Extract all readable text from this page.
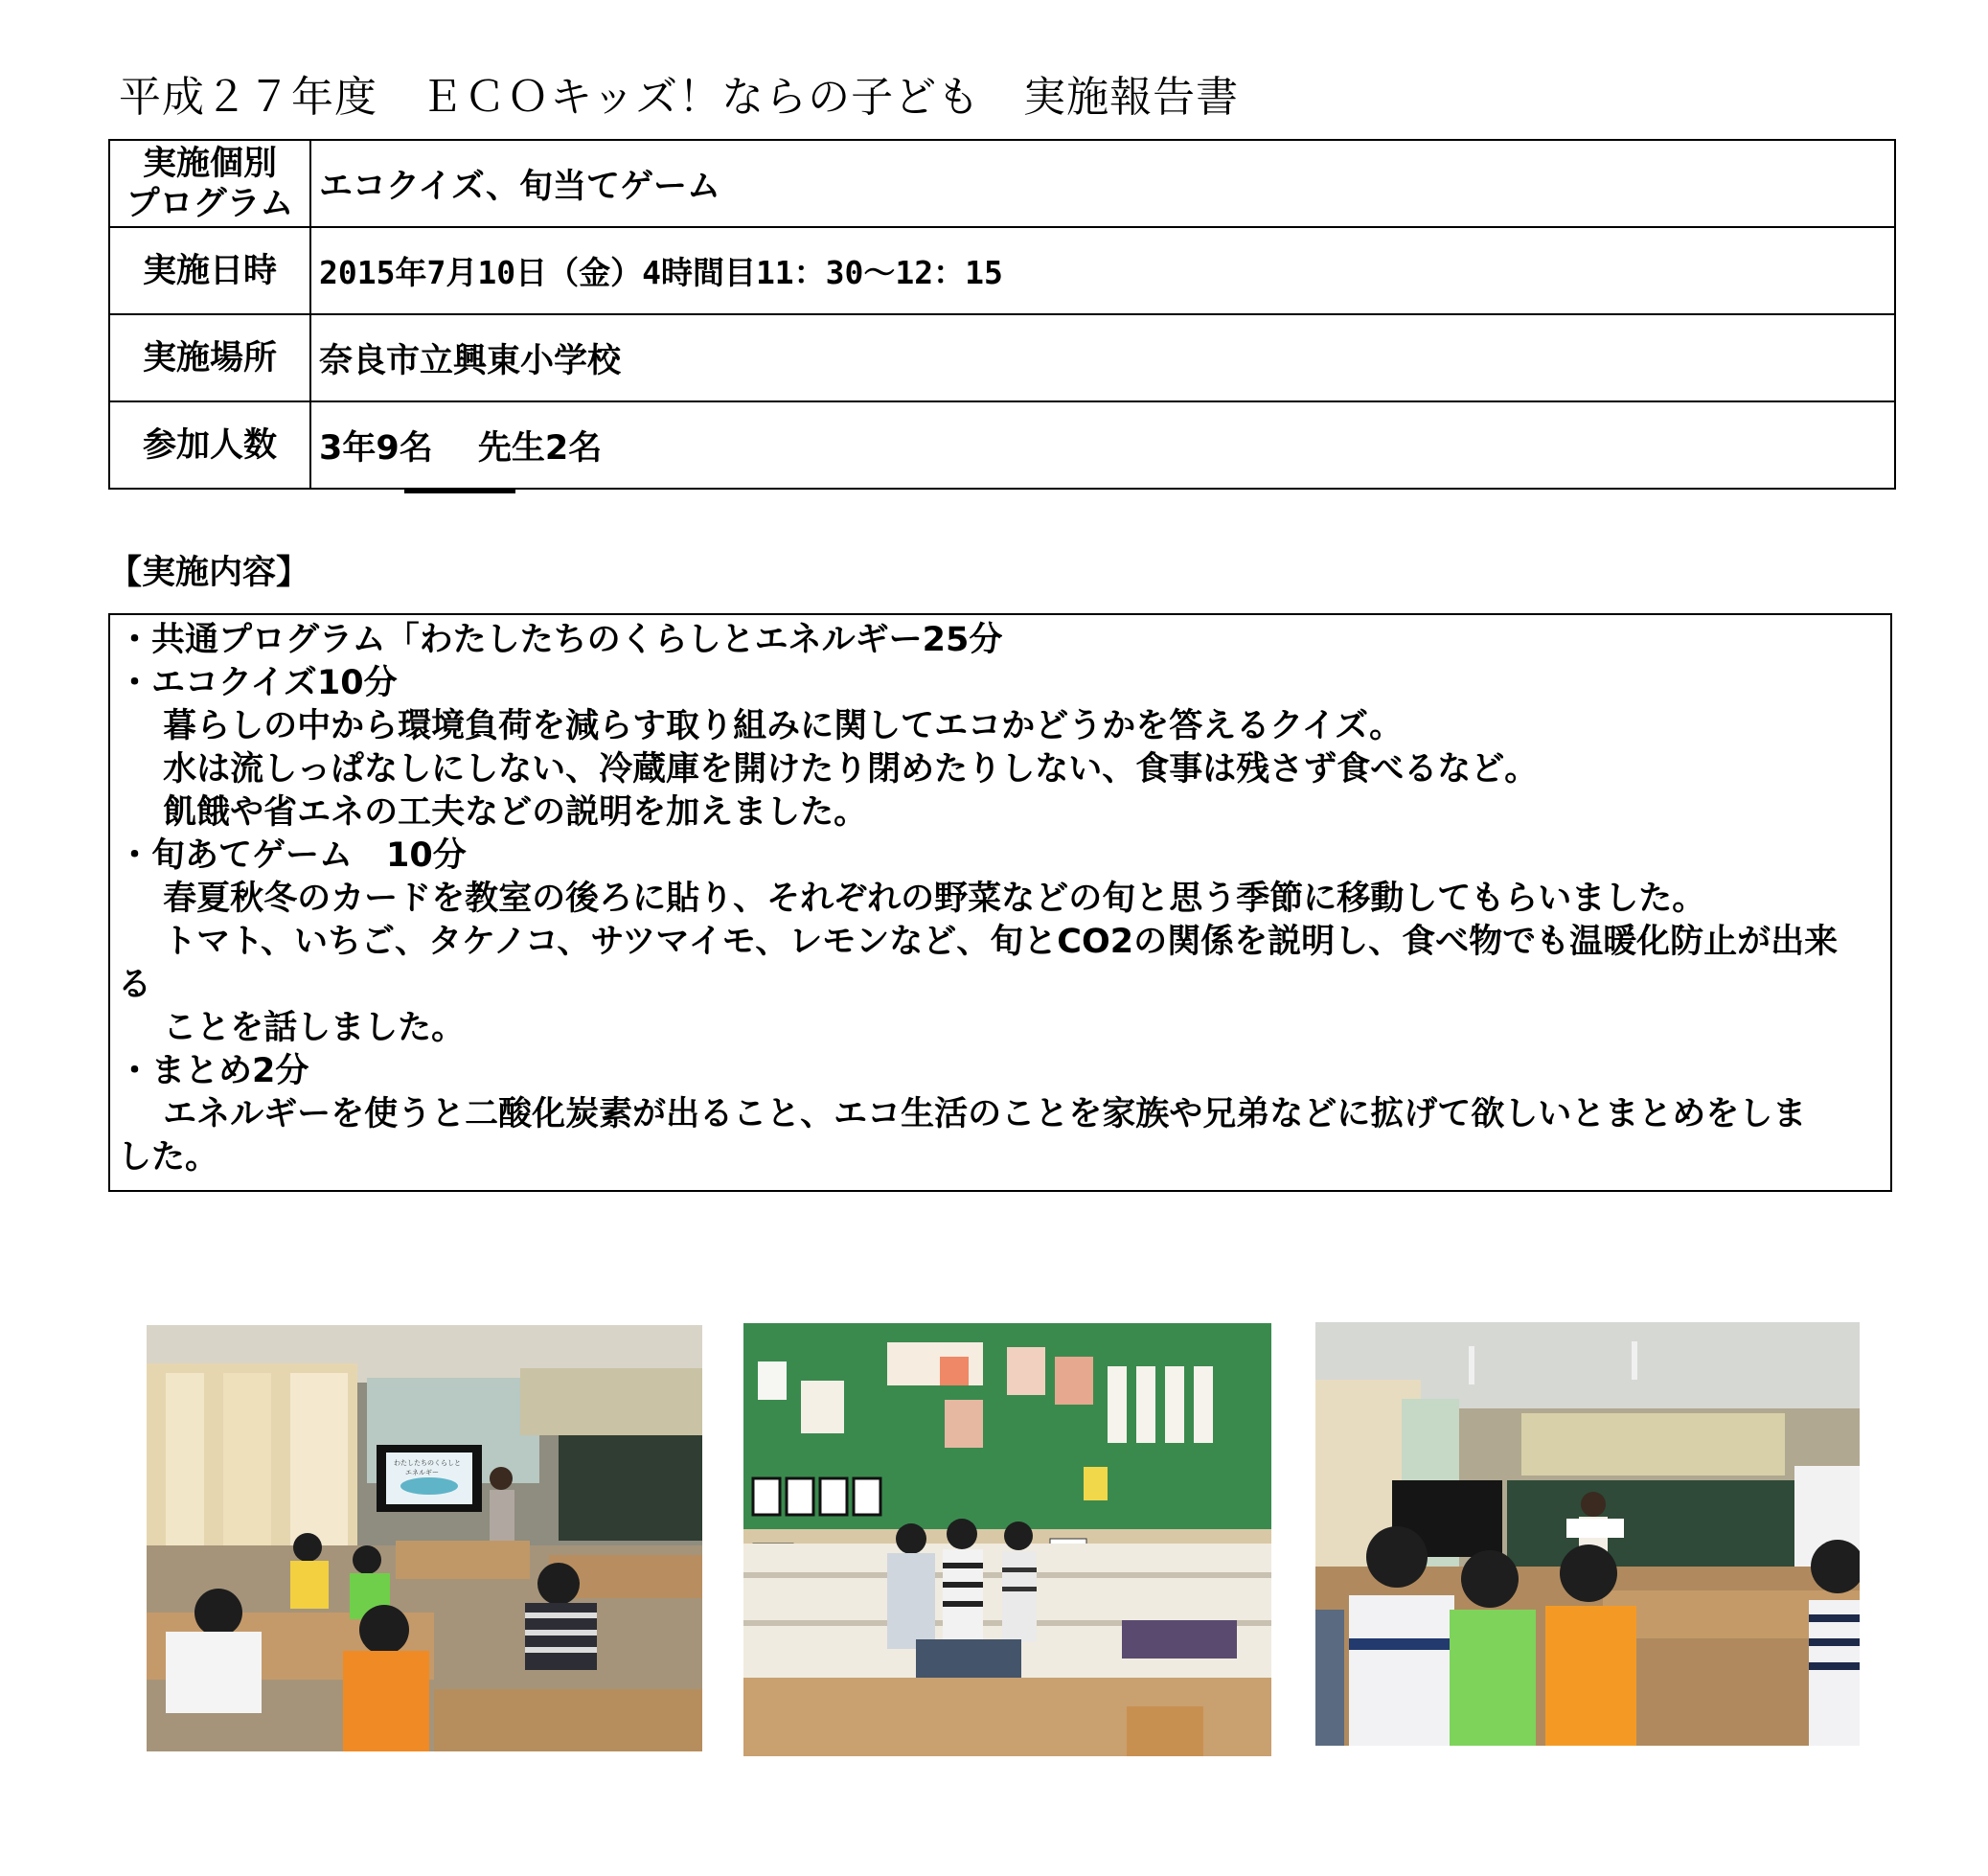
平成２７年度　ＥＣＯキッズ！ならの子ども　実施報告書
実施個別
プログラム	エコクイズ、旬当てゲーム
実施日時	2015年7月10日（金）4時間目11：30～12：15
実施場所	奈良市立興東小学校
参加人数	3年9名　 先生2名
【実施内容】
・共通プログラム「わたしたちのくらしとエネルギー25分
・エコクイズ10分
　 暮らしの中から環境負荷を減らす取り組みに関してエコかどうかを答えるクイズ。
　 水は流しっぱなしにしない、冷蔵庫を開けたり閉めたりしない、食事は残さず食べるなど。
　 飢餓や省エネの工夫などの説明を加えました。
・旬あてゲーム　10分
　 春夏秋冬のカードを教室の後ろに貼り、それぞれの野菜などの旬と思う季節に移動してもらいました。
　 トマト、いちご、タケノコ、サツマイモ、レモンなど、旬とCO2の関係を説明し、食べ物でも温暖化防止が出来
る
　 ことを話しました。
・まとめ2分
　 エネルギーを使うと二酸化炭素が出ること、エコ生活のことを家族や兄弟などに拡げて欲しいとまとめをしま
した。
わたしたちのくらしと
エネルギー
